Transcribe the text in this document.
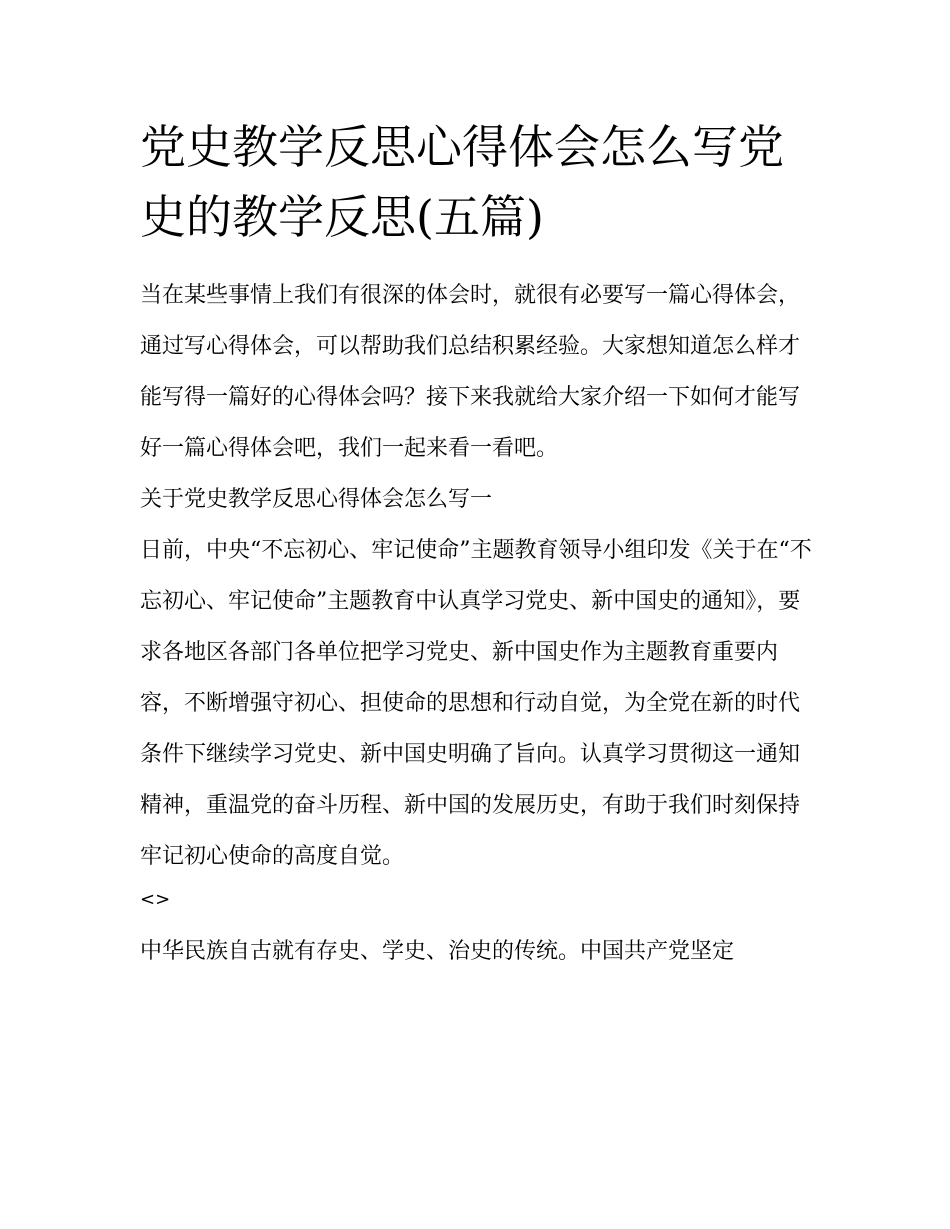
党史教学反思心得体会怎么写党史的教学反思(五篇)

当在某些事情上我们有很深的体会时，就很有必要写一篇心得体会，通过写心得体会，可以帮助我们总结积累经验。大家想知道怎么样才能写得一篇好的心得体会吗？接下来我就给大家介绍一下如何才能写好一篇心得体会吧，我们一起来看一看吧。

关于党史教学反思心得体会怎么写一

日前，中央“不忘初心、牢记使命”主题教育领导小组印发《关于在“不忘初心、牢记使命”主题教育中认真学习党史、新中国史的通知》，要求各地区各部门各单位把学习党史、新中国史作为主题教育重要内容，不断增强守初心、担使命的思想和行动自觉，为全党在新的时代条件下继续学习党史、新中国史明确了旨向。认真学习贯彻这一通知精神，重温党的奋斗历程、新中国的发展历史，有助于我们时刻保持牢记初心使命的高度自觉。

<>

中华民族自古就有存史、学史、治史的传统。中国共产党坚定
